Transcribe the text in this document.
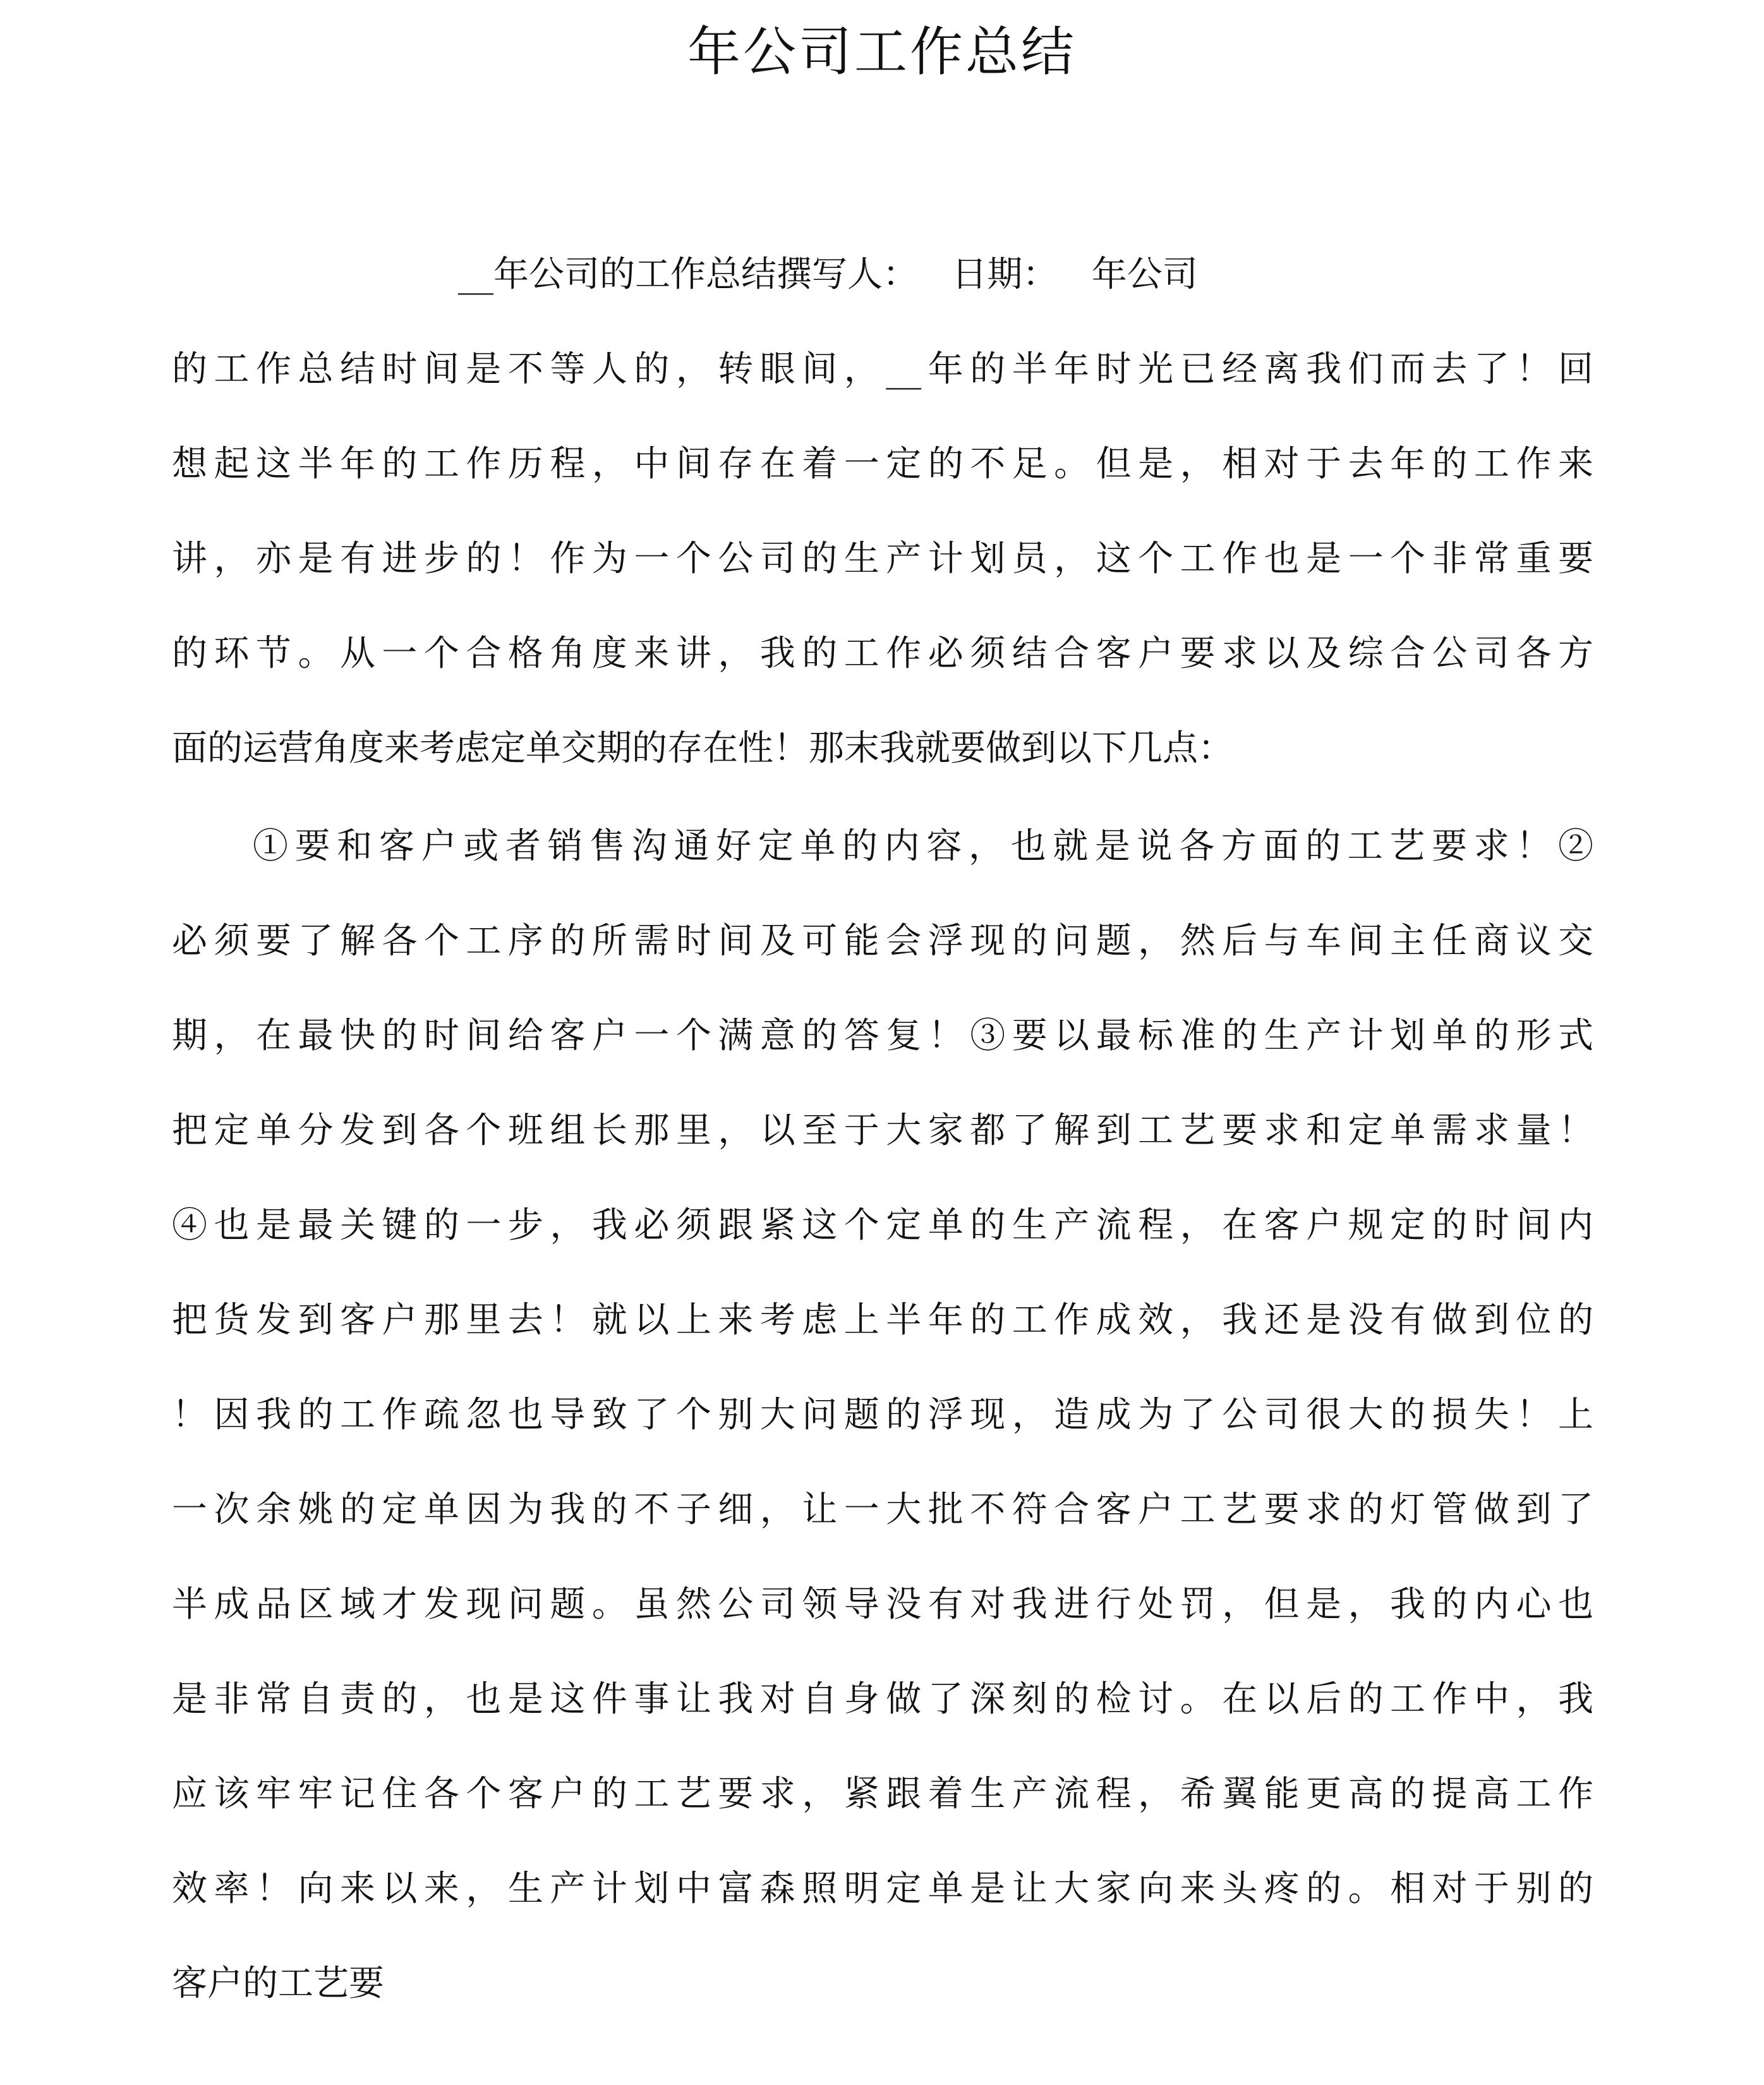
年公司工作总结
__年公司的工作总结撰写人：   日期：   年公司
的工作总结时间是不等人的，转眼间，__年的半年时光已经离我们而去了！回
想起这半年的工作历程，中间存在着一定的不足。但是，相对于去年的工作来
讲，亦是有进步的！作为一个公司的生产计划员，这个工作也是一个非常重要
的环节。从一个合格角度来讲，我的工作必须结合客户要求以及综合公司各方
面的运营角度来考虑定单交期的存在性！那末我就要做到以下几点：
①要和客户或者销售沟通好定单的内容，也就是说各方面的工艺要求！②
必须要了解各个工序的所需时间及可能会浮现的问题，然后与车间主任商议交
期，在最快的时间给客户一个满意的答复！③要以最标准的生产计划单的形式
把定单分发到各个班组长那里，以至于大家都了解到工艺要求和定单需求量！
④也是最关键的一步，我必须跟紧这个定单的生产流程，在客户规定的时间内
把货发到客户那里去！就以上来考虑上半年的工作成效，我还是没有做到位的
！因我的工作疏忽也导致了个别大问题的浮现，造成为了公司很大的损失！上
一次余姚的定单因为我的不子细，让一大批不符合客户工艺要求的灯管做到了
半成品区域才发现问题。虽然公司领导没有对我进行处罚，但是，我的内心也
是非常自责的，也是这件事让我对自身做了深刻的检讨。在以后的工作中，我
应该牢牢记住各个客户的工艺要求，紧跟着生产流程，希翼能更高的提高工作
效率！向来以来，生产计划中富森照明定单是让大家向来头疼的。相对于别的
客户的工艺要
